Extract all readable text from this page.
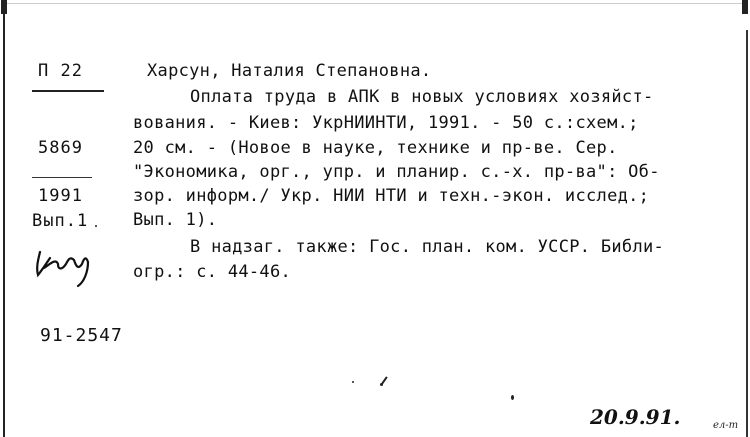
П 22
5869
1991
Вып.1
Харсун, Наталия Степановна.
Оплата труда в АПК в новых условиях хозяйст-
вования. - Киев: УкрНИИНТИ, 1991. - 50 с.:схем.;
20 см. - (Новое в науке, технике и пр-ве. Сер.
"Экономика, орг., упр. и планир. с.-х. пр-ва": Об-
зор. информ./ Укр. НИИ НТИ и техн.-экон. исслед.;
Вып. 1).
В надзаг. также: Гос. план. ком. УССР. Библи-
огр.: с. 44-46.
91-2547
20.9.91.	ел-т
